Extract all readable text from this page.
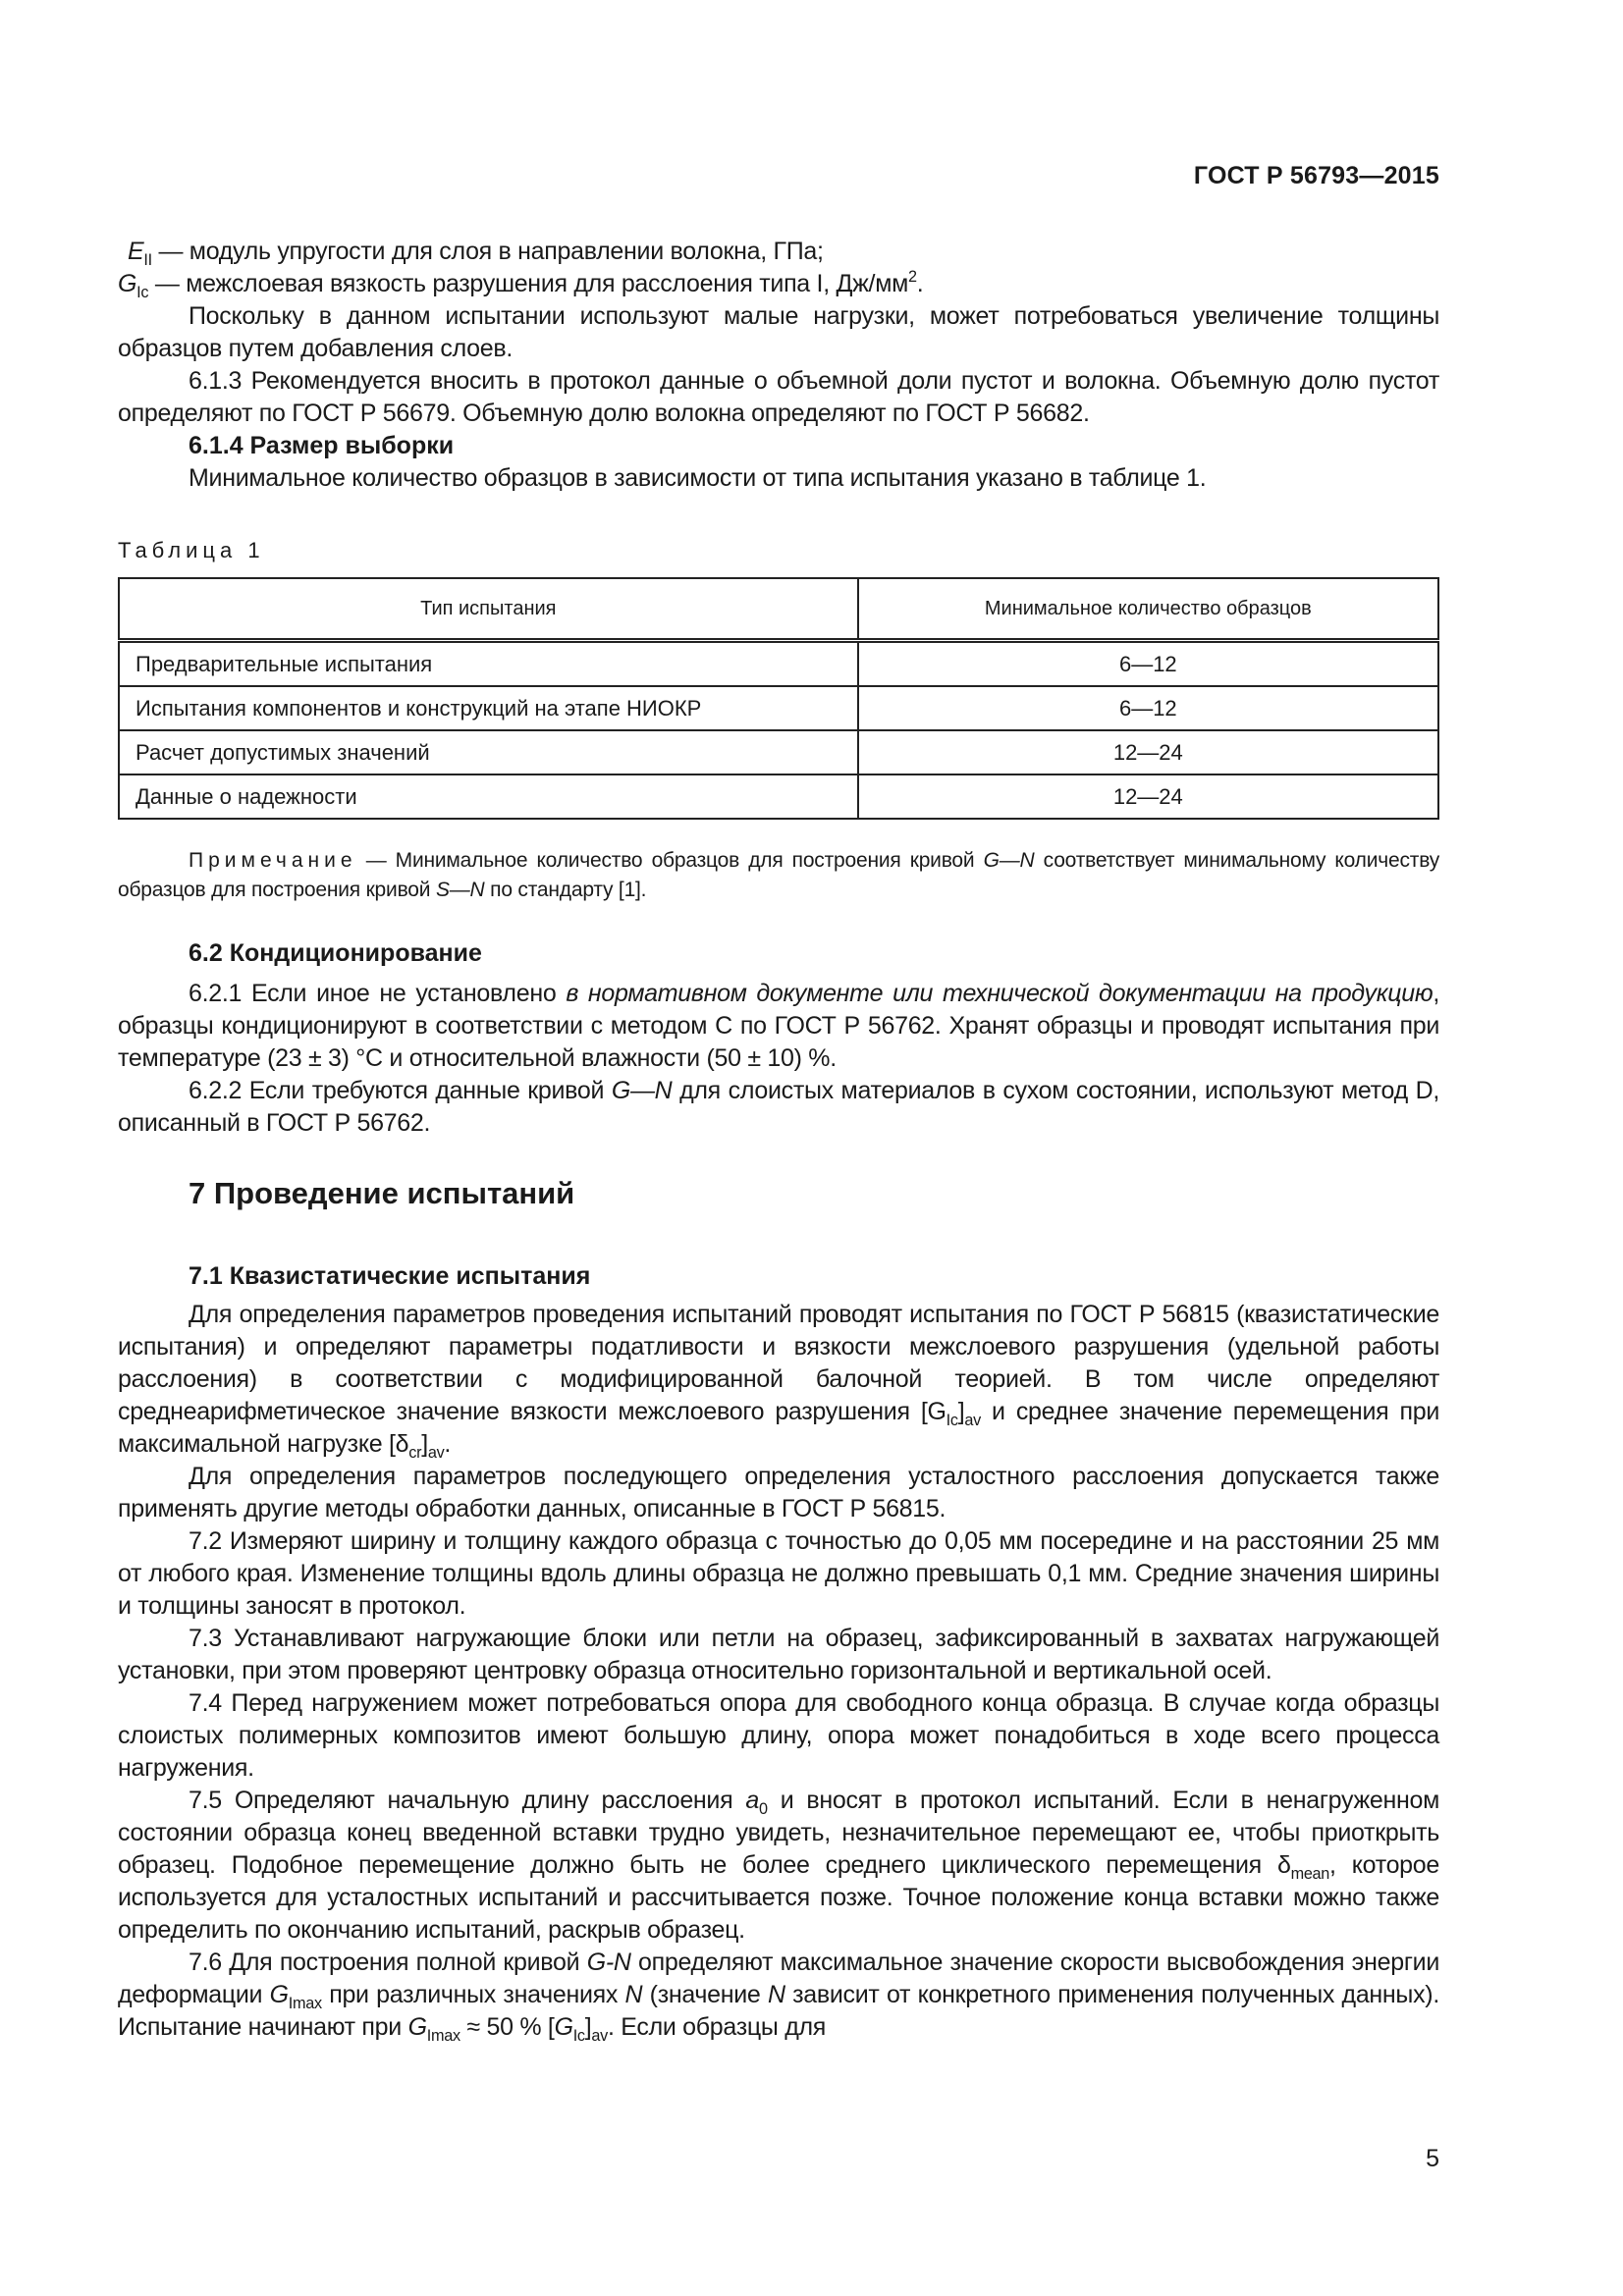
ГОСТ Р 56793—2015

$E_{II}$ — модуль упругости для слоя в направлении волокна, ГПа;

$G_{Ic}$ — межслоевая вязкость разрушения для расслоения типа I, $Дж/мм^2$.

Поскольку в данном испытании используют малые нагрузки, может потребоваться увеличение толщины образцов путем добавления слоев.

6.1.3 Рекомендуется вносить в протокол данные о объемной доли пустот и волокна. Объемную долю пустот определяют по ГОСТ Р 56679. Объемную долю волокна определяют по ГОСТ Р 56682.

6.1.4 Размер выборки

Минимальное количество образцов в зависимости от типа испытания указано в таблице 1.

Таблица 1

Тип испытания	Минимальное количество образцов
Предварительные испытания	6—12
Испытания компонентов и конструкций на этапе НИОКР	6—12
Расчет допустимых значений	12—24
Данные о надежности	12—24

Примечание — Минимальное количество образцов для построения кривой G—N соответствует минимальному количеству образцов для построения кривой S—N по стандарту [1].

6.2 Кондиционирование

6.2.1 Если иное не установлено в нормативном документе или технической документации на продукцию, образцы кондиционируют в соответствии с методом С по ГОСТ Р 56762. Хранят образцы и проводят испытания при температуре (23 ± 3) °С и относительной влажности (50 ± 10) %.

6.2.2 Если требуются данные кривой G—N для слоистых материалов в сухом состоянии, используют метод D, описанный в ГОСТ Р 56762.

7 Проведение испытаний

7.1 Квазистатические испытания

Для определения параметров проведения испытаний проводят испытания по ГОСТ Р 56815 (квазистатические испытания) и определяют параметры податливости и вязкости межслоевого разрушения (удельной работы расслоения) в соответствии с модифицированной балочной теорией. В том числе определяют среднеарифметическое значение вязкости межслоевого разрушения $[G_{Ic}]_{av}$ и среднее значение перемещения при максимальной нагрузке $[\delta_{cr}]_{av}$.

Для определения параметров последующего определения усталостного расслоения допускается также применять другие методы обработки данных, описанные в ГОСТ Р 56815.

7.2 Измеряют ширину и толщину каждого образца с точностью до 0,05 мм посередине и на расстоянии 25 мм от любого края. Изменение толщины вдоль длины образца не должно превышать 0,1 мм. Средние значения ширины и толщины заносят в протокол.

7.3 Устанавливают нагружающие блоки или петли на образец, зафиксированный в захватах нагружающей установки, при этом проверяют центровку образца относительно горизонтальной и вертикальной осей.

7.4 Перед нагружением может потребоваться опора для свободного конца образца. В случае когда образцы слоистых полимерных композитов имеют большую длину, опора может понадобиться в ходе всего процесса нагружения.

7.5 Определяют начальную длину расслоения $a_0$ и вносят в протокол испытаний. Если в ненагруженном состоянии образца конец введенной вставки трудно увидеть, незначительное перемещают ее, чтобы приоткрыть образец. Подобное перемещение должно быть не более среднего циклического перемещения $\delta_{mean}$, которое используется для усталостных испытаний и рассчитывается позже. Точное положение конца вставки можно также определить по окончанию испытаний, раскрыв образец.

7.6 Для построения полной кривой G-N определяют максимальное значение скорости высвобождения энергии деформации $G_{Imax}$ при различных значениях N (значение N зависит от конкретного применения полученных данных). Испытание начинают при $G_{Imax} \approx 50$ % $[G_{Ic}]_{av}$. Если образцы для

5
